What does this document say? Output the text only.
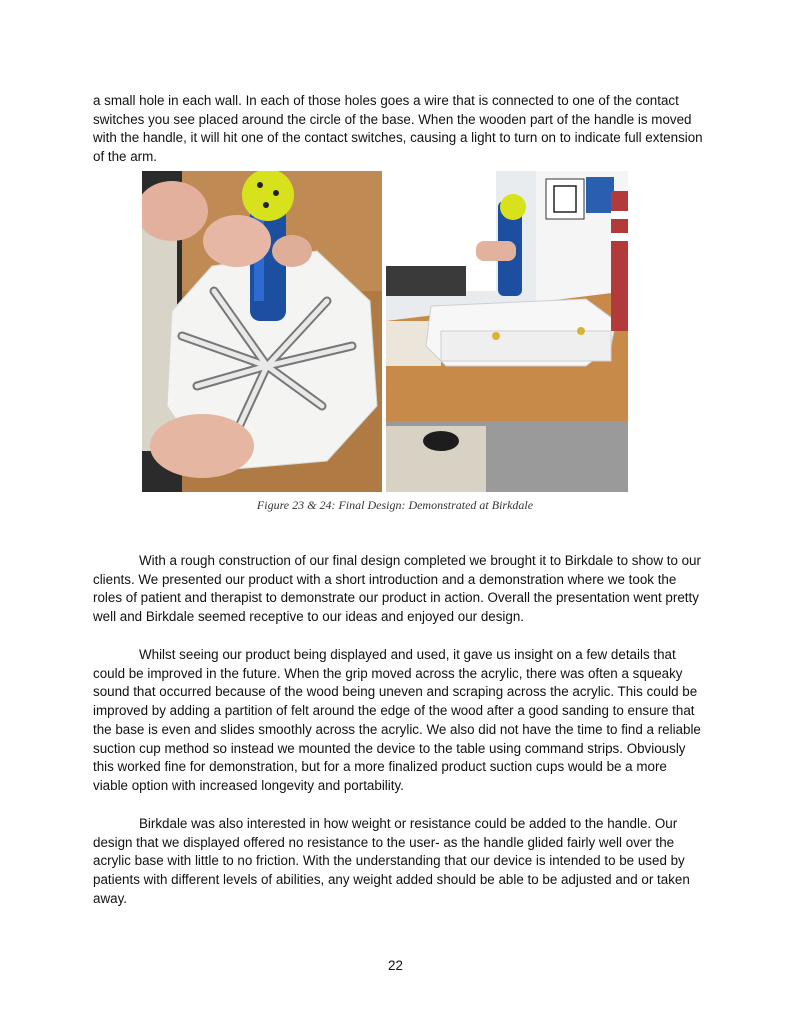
a small hole in each wall. In each of those holes goes a wire that is connected to one of the contact switches you see placed around the circle of the base. When the wooden part of the handle is moved with the handle, it will hit one of the contact switches, causing a light to turn on to indicate full extension of the arm.

Figure 23 & 24: Final Design: Demonstrated at Birkdale

With a rough construction of our final design completed we brought it to Birkdale to show to our clients. We presented our product with a short introduction and a demonstration where we took the roles of patient and therapist to demonstrate our product in action. Overall the presentation went pretty well and Birkdale seemed receptive to our ideas and enjoyed our design.

Whilst seeing our product being displayed and used, it gave us insight on a few details that could be improved in the future. When the grip moved across the acrylic, there was often a squeaky sound that occurred because of the wood being uneven and scraping across the acrylic. This could be improved by adding a partition of felt around the edge of the wood after a good sanding to ensure that the base is even and slides smoothly across the acrylic. We also did not have the time to find a reliable suction cup method so instead we mounted the device to the table using command strips. Obviously this worked fine for demonstration, but for a more finalized product suction cups would be a more viable option with increased longevity and portability.

Birkdale was also interested in how weight or resistance could be added to the handle. Our design that we displayed offered no resistance to the user- as the handle glided fairly well over the acrylic base with little to no friction. With the understanding that our device is intended to be used by patients with different levels of abilities, any weight added should be able to be adjusted and or taken away.

22
